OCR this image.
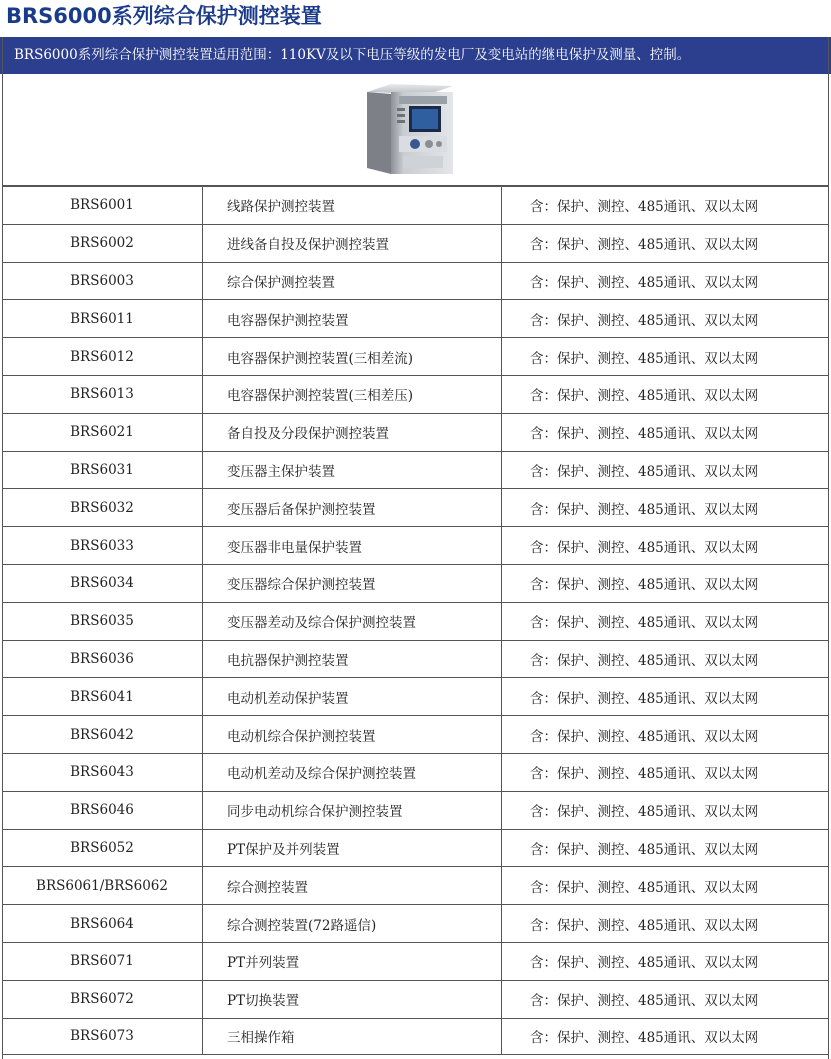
BRS6000系列综合保护测控装置
BRS6000系列综合保护测控装置适用范围：110KV及以下电压等级的发电厂及变电站的继电保护及测量、控制。
BRS6001	线路保护测控装置	含：保护、测控、485通讯、双以太网
BRS6002	进线备自投及保护测控装置	含：保护、测控、485通讯、双以太网
BRS6003	综合保护测控装置	含：保护、测控、485通讯、双以太网
BRS6011	电容器保护测控装置	含：保护、测控、485通讯、双以太网
BRS6012	电容器保护测控装置(三相差流)	含：保护、测控、485通讯、双以太网
BRS6013	电容器保护测控装置(三相差压)	含：保护、测控、485通讯、双以太网
BRS6021	备自投及分段保护测控装置	含：保护、测控、485通讯、双以太网
BRS6031	变压器主保护装置	含：保护、测控、485通讯、双以太网
BRS6032	变压器后备保护测控装置	含：保护、测控、485通讯、双以太网
BRS6033	变压器非电量保护装置	含：保护、测控、485通讯、双以太网
BRS6034	变压器综合保护测控装置	含：保护、测控、485通讯、双以太网
BRS6035	变压器差动及综合保护测控装置	含：保护、测控、485通讯、双以太网
BRS6036	电抗器保护测控装置	含：保护、测控、485通讯、双以太网
BRS6041	电动机差动保护装置	含：保护、测控、485通讯、双以太网
BRS6042	电动机综合保护测控装置	含：保护、测控、485通讯、双以太网
BRS6043	电动机差动及综合保护测控装置	含：保护、测控、485通讯、双以太网
BRS6046	同步电动机综合保护测控装置	含：保护、测控、485通讯、双以太网
BRS6052	PT保护及并列装置	含：保护、测控、485通讯、双以太网
BRS6061/BRS6062	综合测控装置	含：保护、测控、485通讯、双以太网
BRS6064	综合测控装置(72路遥信)	含：保护、测控、485通讯、双以太网
BRS6071	PT并列装置	含：保护、测控、485通讯、双以太网
BRS6072	PT切换装置	含：保护、测控、485通讯、双以太网
BRS6073	三相操作箱	含：保护、测控、485通讯、双以太网
